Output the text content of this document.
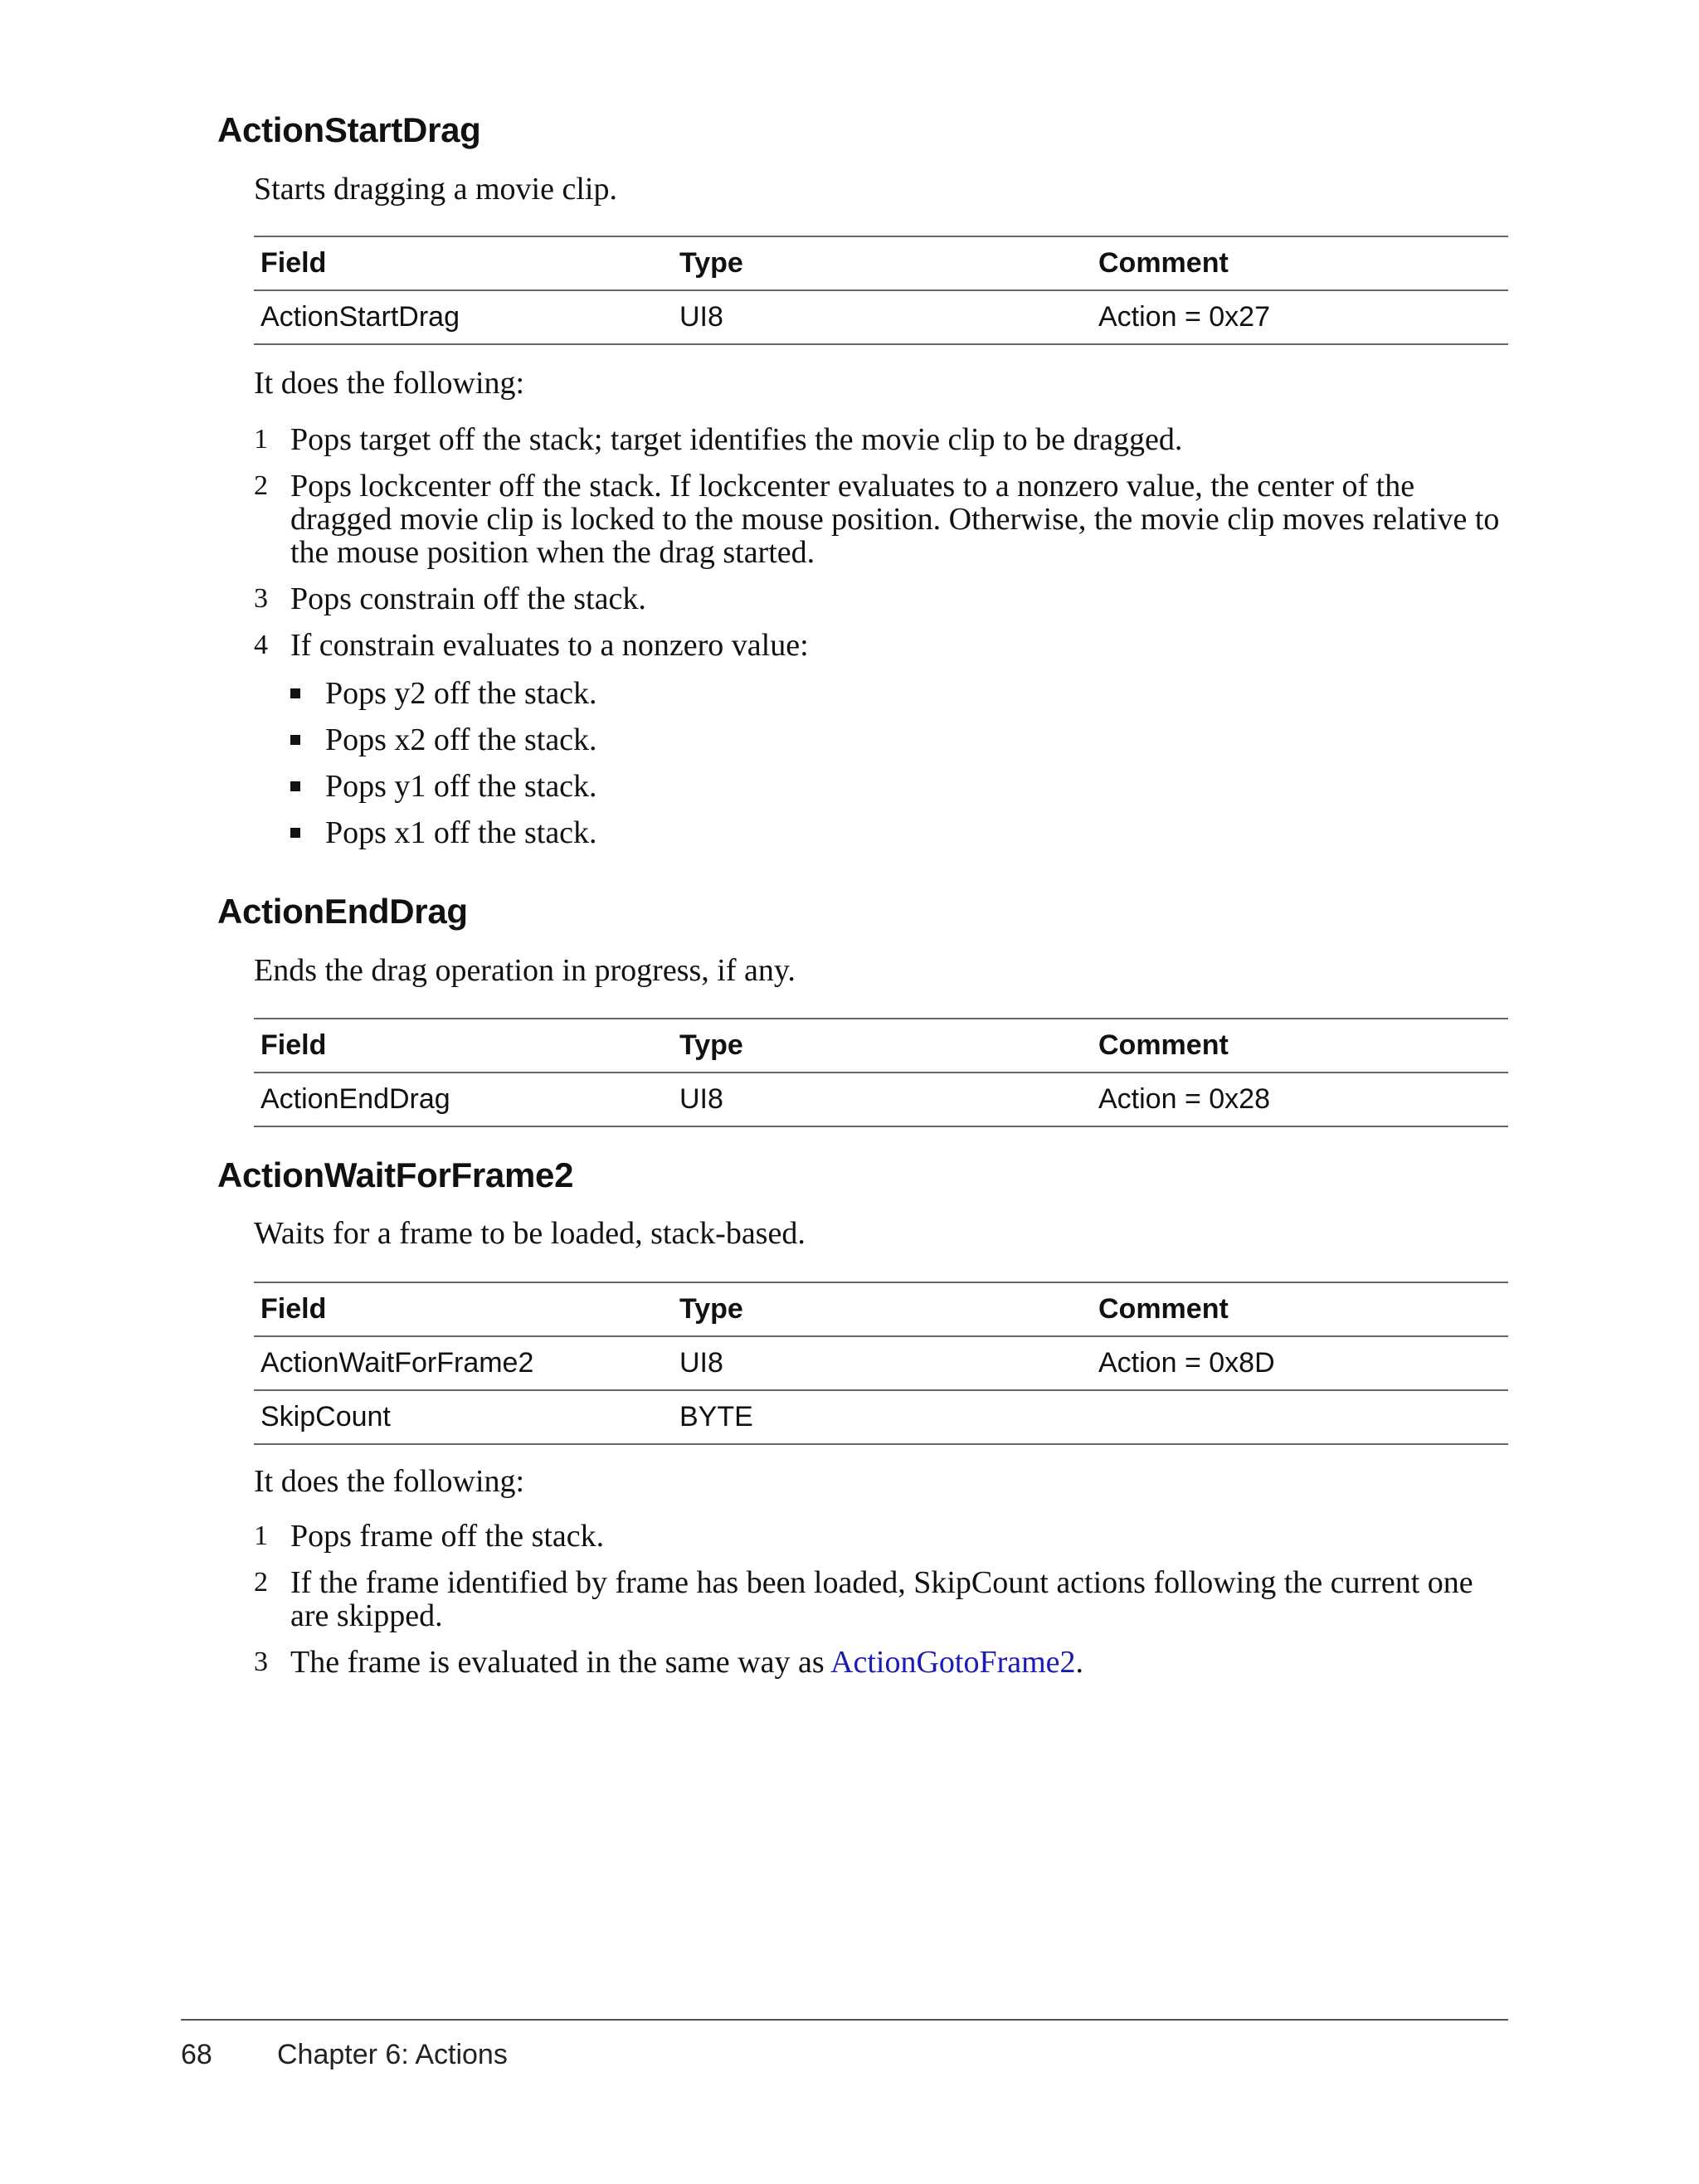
ActionStartDrag

Starts dragging a movie clip.

Field	Type	Comment
ActionStartDrag	UI8	Action = 0x27

It does the following:

1 Pops target off the stack; target identifies the movie clip to be dragged.
2 Pops lockcenter off the stack. If lockcenter evaluates to a nonzero value, the center of the dragged movie clip is locked to the mouse position. Otherwise, the movie clip moves relative to the mouse position when the drag started.
3 Pops constrain off the stack.
4 If constrain evaluates to a nonzero value:
Pops y2 off the stack.
Pops x2 off the stack.
Pops y1 off the stack.
Pops x1 off the stack.
ActionEndDrag

Ends the drag operation in progress, if any.

Field	Type	Comment
ActionEndDrag	UI8	Action = 0x28
ActionWaitForFrame2

Waits for a frame to be loaded, stack-based.

Field	Type	Comment
ActionWaitForFrame2	UI8	Action = 0x8D
SkipCount	BYTE	

It does the following:

1 Pops frame off the stack.
2 If the frame identified by frame has been loaded, SkipCount actions following the current one are skipped.
3 The frame is evaluated in the same way as ActionGotoFrame2.
68 Chapter 6: Actions
